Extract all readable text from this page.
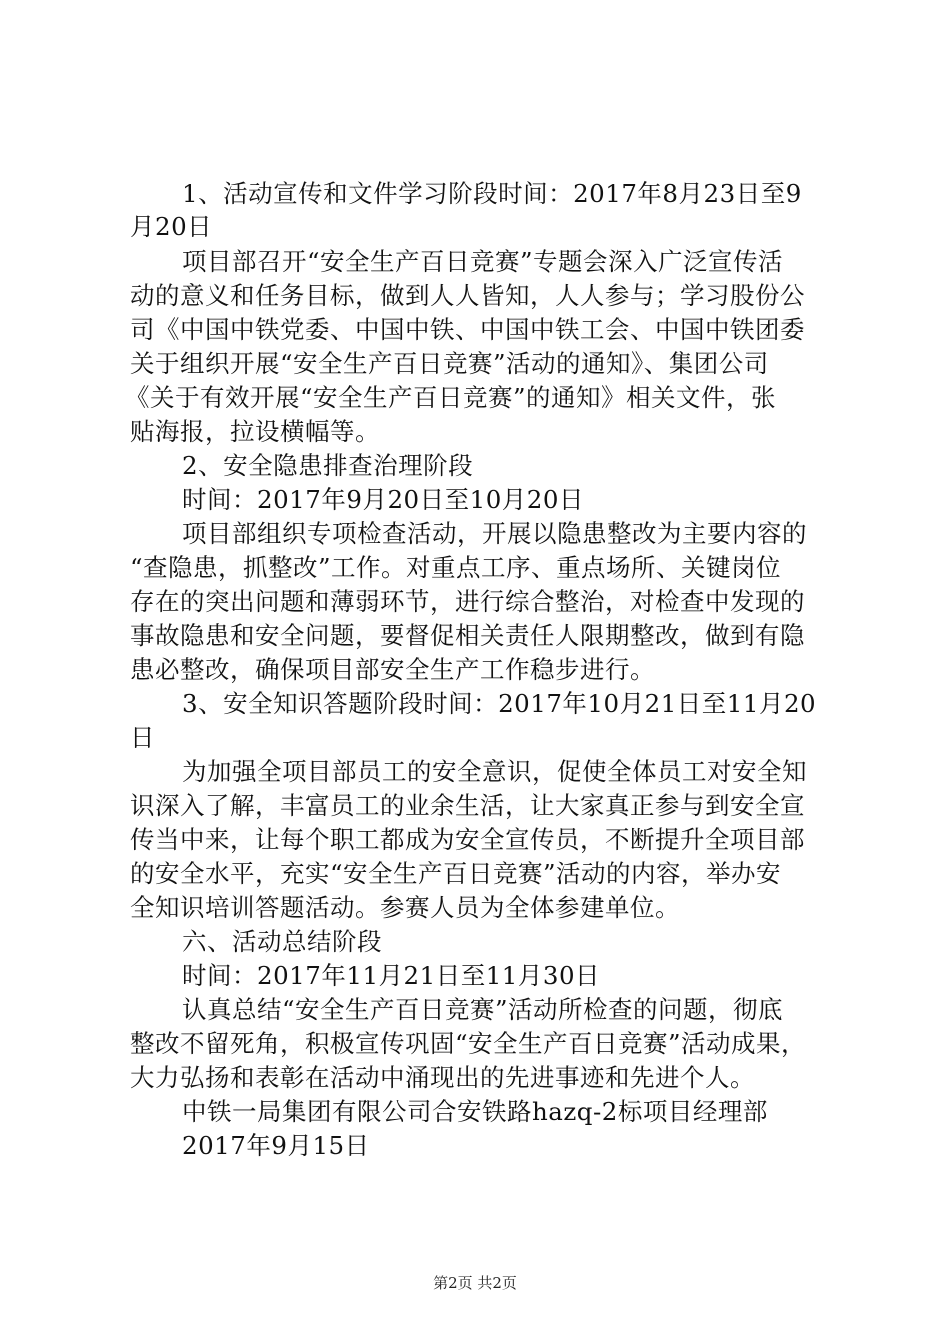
1、活动宣传和文件学习阶段时间：2017年8月23日至9
月20日
项目部召开“安全生产百日竞赛”专题会深入广泛宣传活
动的意义和任务目标，做到人人皆知，人人参与；学习股份公
司《中国中铁党委、中国中铁、中国中铁工会、中国中铁团委
关于组织开展“安全生产百日竞赛”活动的通知》、集团公司
《关于有效开展“安全生产百日竞赛”的通知》相关文件，张
贴海报，拉设横幅等。
2、安全隐患排查治理阶段
时间：2017年9月20日至10月20日
项目部组织专项检查活动，开展以隐患整改为主要内容的
“查隐患，抓整改”工作。对重点工序、重点场所、关键岗位
存在的突出问题和薄弱环节，进行综合整治，对检查中发现的
事故隐患和安全问题，要督促相关责任人限期整改，做到有隐
患必整改，确保项目部安全生产工作稳步进行。
3、安全知识答题阶段时间：2017年10月21日至11月20
日
为加强全项目部员工的安全意识，促使全体员工对安全知
识深入了解，丰富员工的业余生活，让大家真正参与到安全宣
传当中来，让每个职工都成为安全宣传员，不断提升全项目部
的安全水平，充实“安全生产百日竞赛”活动的内容，举办安
全知识培训答题活动。参赛人员为全体参建单位。
六、活动总结阶段
时间：2017年11月21日至11月30日
认真总结“安全生产百日竞赛”活动所检查的问题，彻底
整改不留死角，积极宣传巩固“安全生产百日竞赛”活动成果，
大力弘扬和表彰在活动中涌现出的先进事迹和先进个人。
中铁一局集团有限公司合安铁路hazq-2标项目经理部
2017年9月15日
第2页 共2页
